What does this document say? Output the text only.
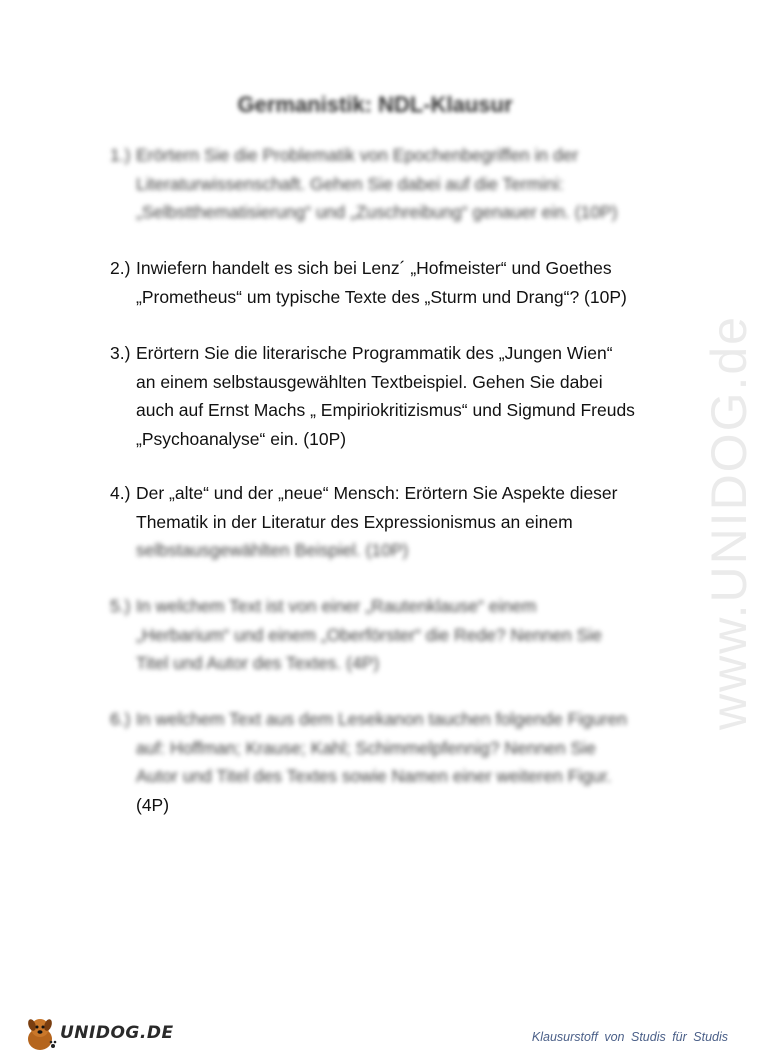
www.UNIDOG.de
Germanistik: NDL-Klausur
1.) Erörtern Sie die Problematik von Epochenbegriffen in der
Literaturwissenschaft. Gehen Sie dabei auf die Termini:
„Selbstthematisierung“ und „Zuschreibung“ genauer ein. (10P)
2.) Inwiefern handelt es sich bei Lenz´ „Hofmeister“ und Goethes
„Prometheus“ um typische Texte des „Sturm und Drang“? (10P)
3.) Erörtern Sie die literarische Programmatik des „Jungen Wien“
an einem selbstausgewählten Textbeispiel. Gehen Sie dabei
auch auf Ernst Machs „ Empiriokritizismus“ und Sigmund Freuds
„Psychoanalyse“ ein. (10P)
4.) Der „alte“ und der „neue“ Mensch: Erörtern Sie Aspekte dieser
Thematik in der Literatur des Expressionismus an einem
selbstausgewählten Beispiel. (10P)
5.) In welchem Text ist von einer „Rautenklause“ einem
„Herbarium“ und einem „Oberförster“ die Rede? Nennen Sie
Titel und Autor des Textes. (4P)
6.) In welchem Text aus dem Lesekanon tauchen folgende Figuren
auf: Hoffman; Krause; Kahl; Schimmelpfennig? Nennen Sie
Autor und Titel des Textes sowie Namen einer weiteren Figur.
(4P)
UNIDOG.DE	Klausurstoff von Studis für Studis
